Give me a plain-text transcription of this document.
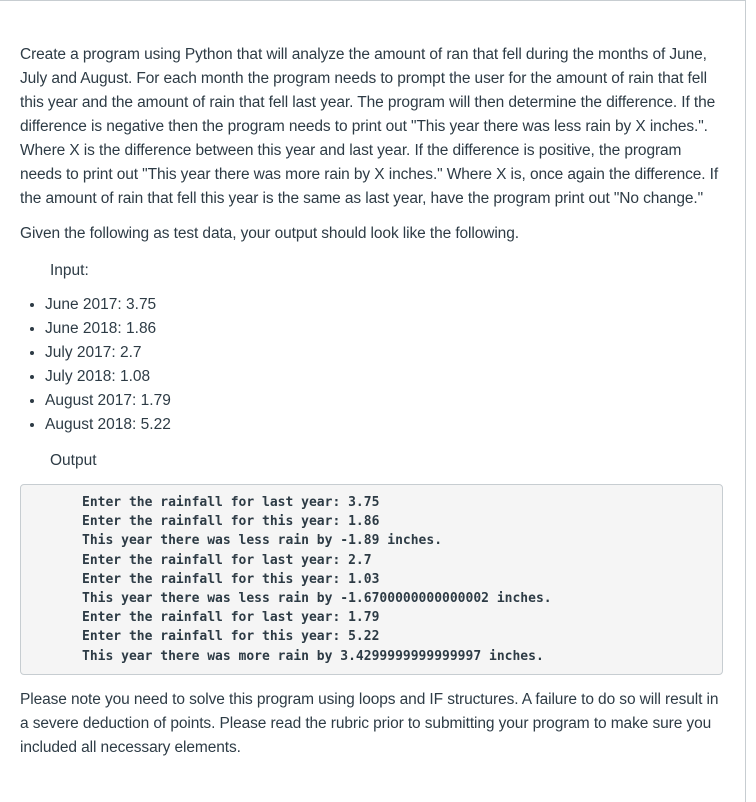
Create a program using Python that will analyze the amount of ran that fell during the months of June, July and August. For each month the program needs to prompt the user for the amount of rain that fell this year and the amount of rain that fell last year. The program will then determine the difference. If the difference is negative then the program needs to print out "This year there was less rain by X inches.". Where X is the difference between this year and last year. If the difference is positive, the program needs to print out "This year there was more rain by X inches." Where X is, once again the difference. If the amount of rain that fell this year is the same as last year, have the program print out "No change."

Given the following as test data, your output should look like the following.

Input:
• June 2017: 3.75
• June 2018: 1.86
• July 2017: 2.7
• July 2018: 1.08
• August 2017: 1.79
• August 2018: 5.22
Output
Enter the rainfall for last year: 3.75
Enter the rainfall for this year: 1.86
This year there was less rain by -1.89 inches.
Enter the rainfall for last year: 2.7
Enter the rainfall for this year: 1.03
This year there was less rain by -1.6700000000000002 inches.
Enter the rainfall for last year: 1.79
Enter the rainfall for this year: 5.22
This year there was more rain by 3.4299999999999997 inches.

Please note you need to solve this program using loops and IF structures. A failure to do so will result in a severe deduction of points. Please read the rubric prior to submitting your program to make sure you included all necessary elements.
